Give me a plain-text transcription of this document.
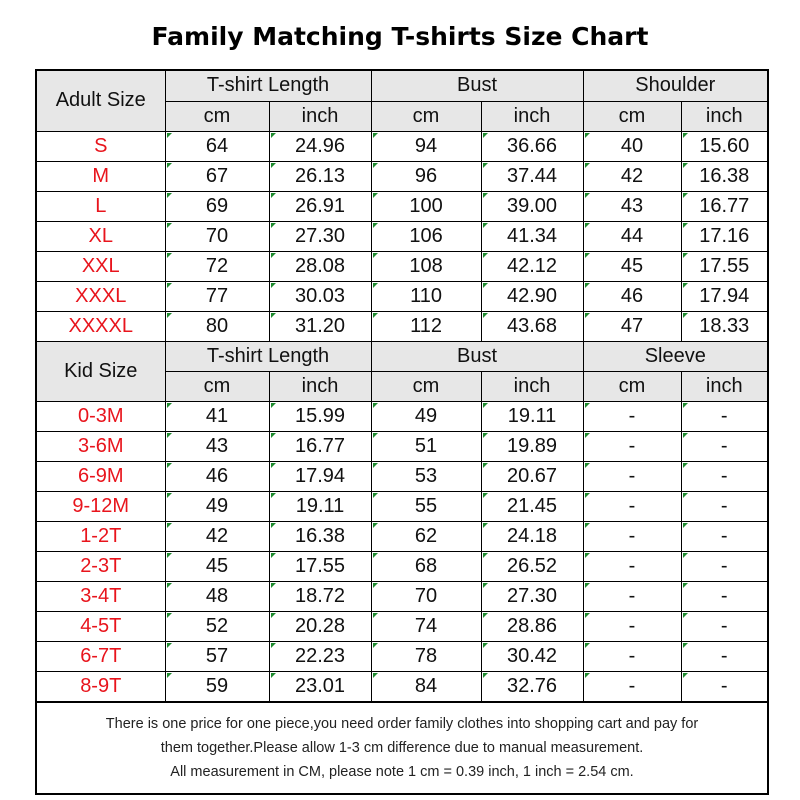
Family Matching T-shirts Size Chart
Adult Size	T-shirt Length		Bust		Shoulder	
	cm	inch	cm	inch	cm	inch
S	64	24.96	94	36.66	40	15.60
M	67	26.13	96	37.44	42	16.38
L	69	26.91	100	39.00	43	16.77
XL	70	27.30	106	41.34	44	17.16
XXL	72	28.08	108	42.12	45	17.55
XXXL	77	30.03	110	42.90	46	17.94
XXXXL	80	31.20	112	43.68	47	18.33
Kid Size	T-shirt Length		Bust		Sleeve	
	cm	inch	cm	inch	cm	inch
0-3M	41	15.99	49	19.11	-	-
3-6M	43	16.77	51	19.89	-	-
6-9M	46	17.94	53	20.67	-	-
9-12M	49	19.11	55	21.45	-	-
1-2T	42	16.38	62	24.18	-	-
2-3T	45	17.55	68	26.52	-	-
3-4T	48	18.72	70	27.30	-	-
4-5T	52	20.28	74	28.86	-	-
6-7T	57	22.23	78	30.42	-	-
8-9T	59	23.01	84	32.76	-	-
There is one price for one piece,you need order family clothes into shopping cart and pay for
them together.Please allow 1-3 cm difference due to manual measurement.
All measurement in CM, please note 1 cm = 0.39 inch, 1 inch = 2.54 cm.
